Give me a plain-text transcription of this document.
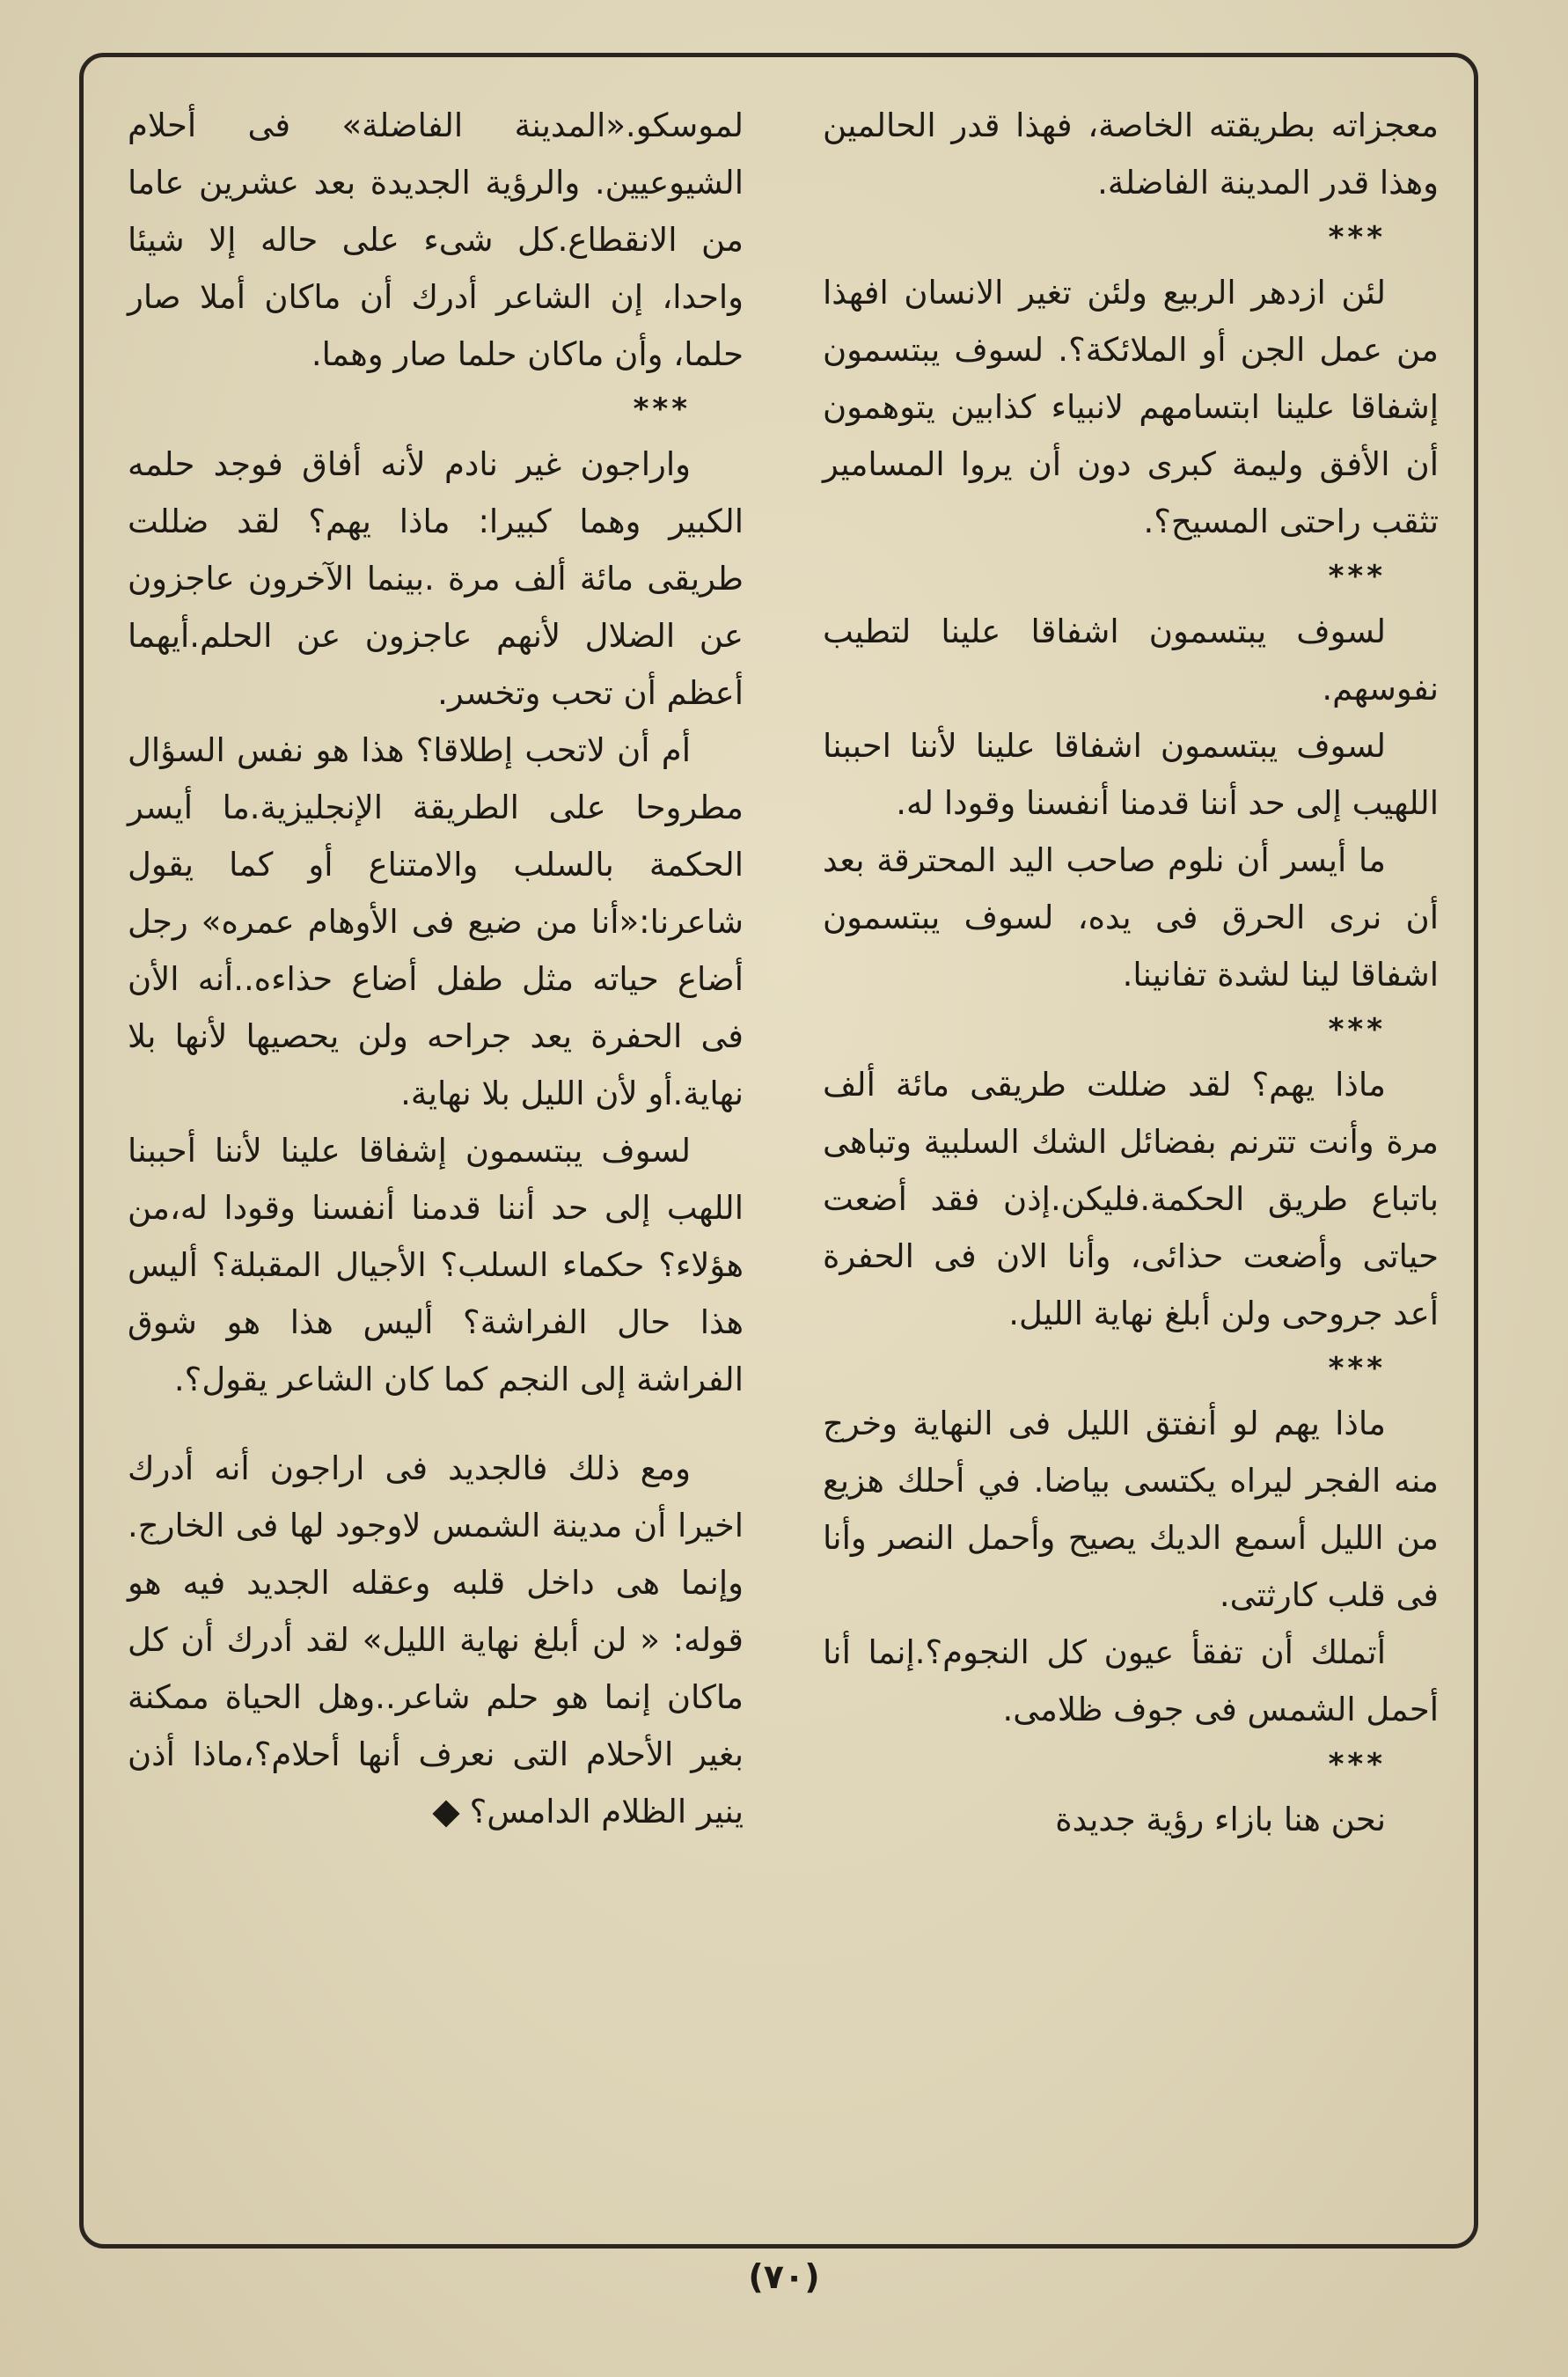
معجزاته بطريقته الخاصة، فهذا قدر الحالمين وهذا قدر المدينة الفاضلة.

***

لئن ازدهر الربيع ولئن تغير الانسان افهذا من عمل الجن أو الملائكة؟. لسوف يبتسمون إشفاقا علينا ابتسامهم لانبياء كذابين يتوهمون أن الأفق وليمة كبرى دون أن يروا المسامير تثقب راحتى المسيح؟.

***

لسوف يبتسمون اشفاقا علينا لتطيب نفوسهم.

لسوف يبتسمون اشفاقا علينا لأننا احببنا اللهيب إلى حد أننا قدمنا أنفسنا وقودا له.

ما أيسر أن نلوم صاحب اليد المحترقة بعد أن نرى الحرق فى يده، لسوف يبتسمون اشفاقا لينا لشدة تفانينا.

***

ماذا يهم؟ لقد ضللت طريقى مائة ألف مرة وأنت تترنم بفضائل الشك السلبية وتباهى باتباع طريق الحكمة.فليكن.إذن فقد أضعت حياتى وأضعت حذائى، وأنا الان فى الحفرة أعد جروحى ولن أبلغ نهاية الليل.

***

ماذا يهم لو أنفتق الليل فى النهاية وخرج منه الفجر ليراه يكتسى بياضا. في أحلك هزيع من الليل أسمع الديك يصيح وأحمل النصر وأنا فى قلب كارثتى.

أتملك أن تفقأ عيون كل النجوم؟.إنما أنا أحمل الشمس فى جوف ظلامى.

***

نحن هنا بازاء رؤية جديدة

لموسكو.«المدينة الفاضلة» فى أحلام الشيوعيين. والرؤية الجديدة بعد عشرين عاما من الانقطاع.كل شىء على حاله إلا شيئا واحدا، إن الشاعر أدرك أن ماكان أملا صار حلما، وأن ماكان حلما صار وهما.

***

واراجون غير نادم لأنه أفاق فوجد حلمه الكبير وهما كبيرا: ماذا يهم؟ لقد ضللت طريقى مائة ألف مرة .بينما الآخرون عاجزون عن الضلال لأنهم عاجزون عن الحلم.أيهما أعظم أن تحب وتخسر.

أم أن لاتحب إطلاقا؟ هذا هو نفس السؤال مطروحا على الطريقة الإنجليزية.ما أيسر الحكمة بالسلب والامتناع أو كما يقول شاعرنا:«أنا من ضيع فى الأوهام عمره» رجل أضاع حياته مثل طفل أضاع حذاءه..أنه الأن فى الحفرة يعد جراحه ولن يحصيها لأنها بلا نهاية.أو لأن الليل بلا نهاية.

لسوف يبتسمون إشفاقا علينا لأننا أحببنا اللهب إلى حد أننا قدمنا أنفسنا وقودا له،من هؤلاء؟ حكماء السلب؟ الأجيال المقبلة؟ أليس هذا حال الفراشة؟ أليس هذا هو شوق الفراشة إلى النجم كما كان الشاعر يقول؟.

ومع ذلك فالجديد فى اراجون أنه أدرك اخيرا أن مدينة الشمس لاوجود لها فى الخارج. وإنما هى داخل قلبه وعقله الجديد فيه هو قوله: « لن أبلغ نهاية الليل» لقد أدرك أن كل ماكان إنما هو حلم شاعر..وهل الحياة ممكنة بغير الأحلام التى نعرف أنها أحلام؟،ماذا أذن ينير الظلام الدامس؟

(٧٠)
